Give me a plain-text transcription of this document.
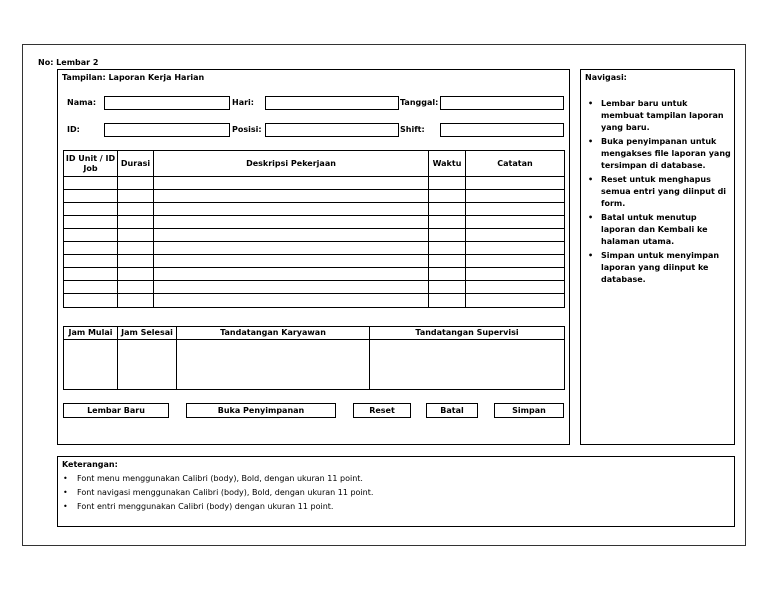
No: Lembar 2
Tampilan: Laporan Kerja Harian
Nama:	Hari:	Tanggal:
ID:	Posisi:	Shift:
ID Unit / ID Job	Durasi	Deskripsi Pekerjaan	Waktu	Catatan

Jam Mulai	Jam Selesai	Tandatangan Karyawan	Tandatangan Supervisi

Lembar Baru	Buka Penyimpanan	Reset	Batal	Simpan
Navigasi:
• Lembar baru untuk membuat tampilan laporan yang baru.
• Buka penyimpanan untuk mengakses file laporan yang tersimpan di database.
• Reset untuk menghapus semua entri yang diinput di form.
• Batal untuk menutup laporan dan Kembali ke halaman utama.
• Simpan untuk menyimpan laporan yang diinput ke database.
Keterangan:
• Font menu menggunakan Calibri (body), Bold, dengan ukuran 11 point.
• Font navigasi menggunakan Calibri (body), Bold, dengan ukuran 11 point.
• Font entri menggunakan Calibri (body) dengan ukuran 11 point.
